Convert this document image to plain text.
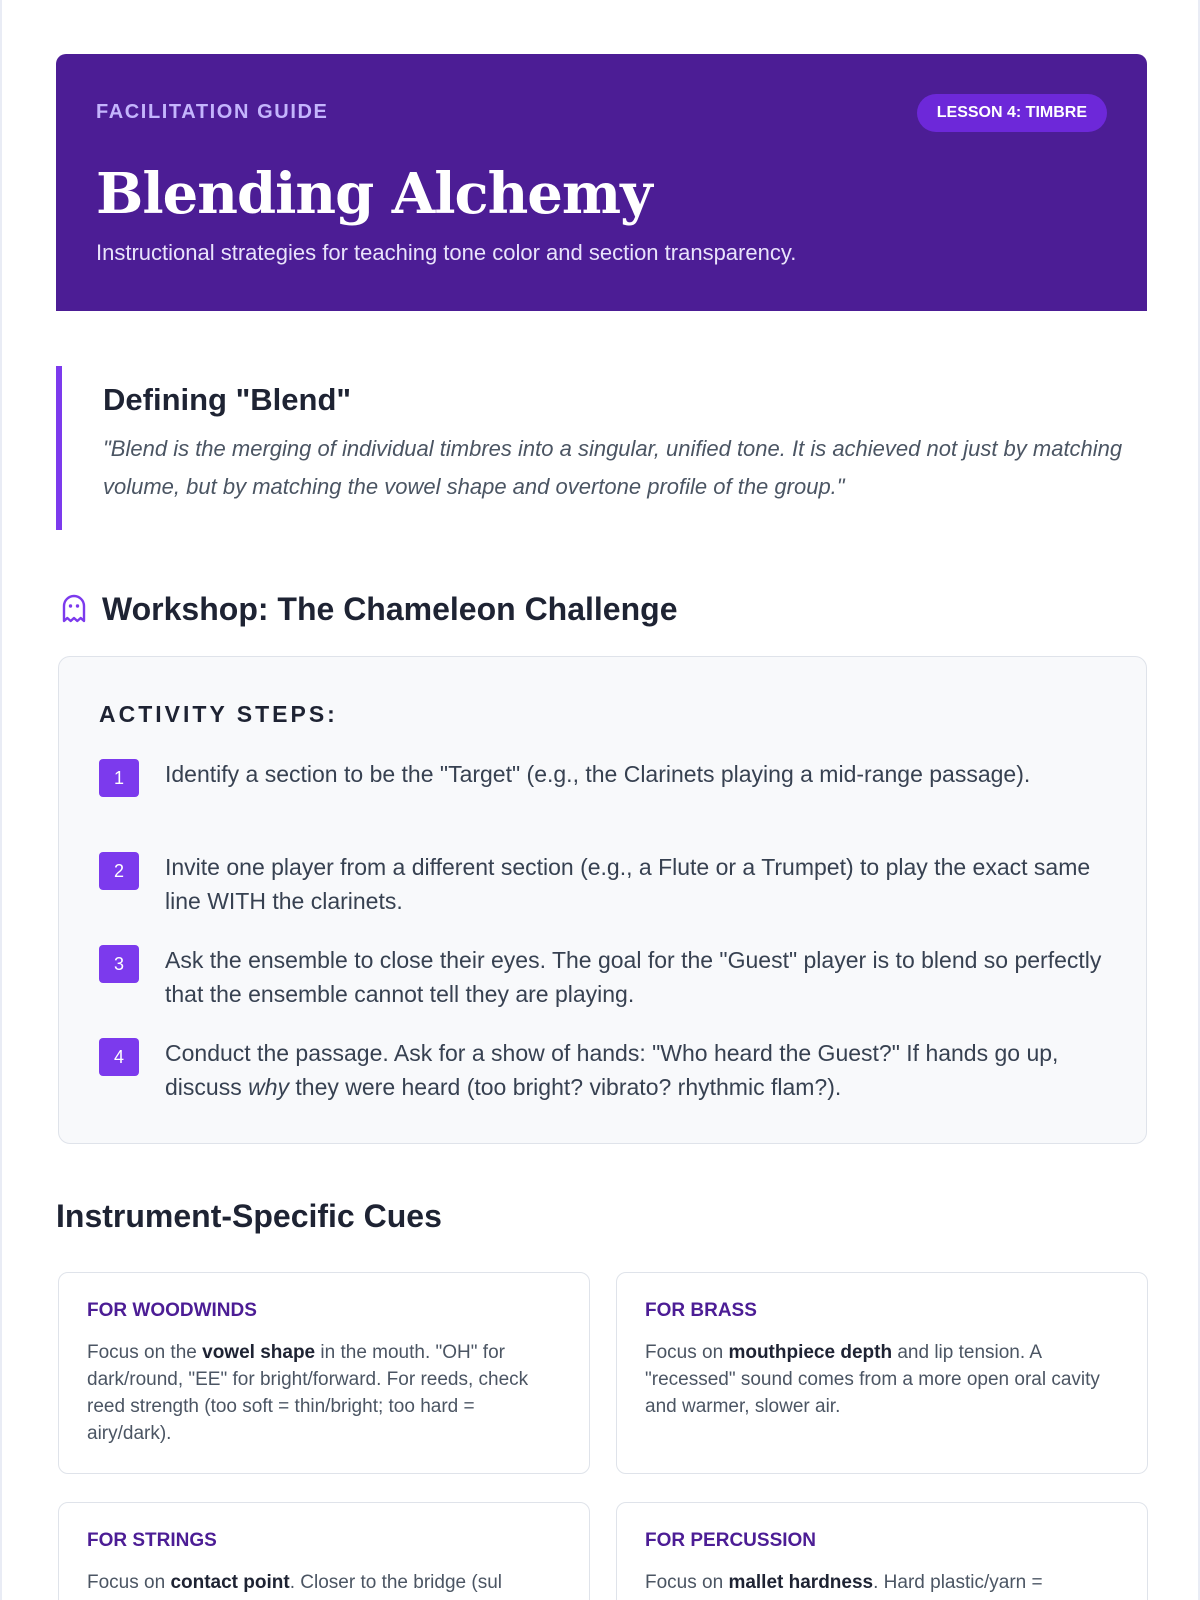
FACILITATION GUIDE	LESSON 4: TIMBRE
Blending Alchemy
Instructional strategies for teaching tone color and section transparency.
Defining "Blend"

"Blend is the merging of individual timbres into a singular, unified tone. It is achieved not just by matching volume, but by matching the vowel shape and overtone profile of the group."

Workshop: The Chameleon Challenge
ACTIVITY STEPS:
1	Identify a section to be the "Target" (e.g., the Clarinets playing a mid-range passage).
2	Invite one player from a different section (e.g., a Flute or a Trumpet) to play the exact same line WITH the clarinets.
3	Ask the ensemble to close their eyes. The goal for the "Guest" player is to blend so perfectly that the ensemble cannot tell they are playing.
4	Conduct the passage. Ask for a show of hands: "Who heard the Guest?" If hands go up, discuss why they were heard (too bright? vibrato? rhythmic flam?).
Instrument-Specific Cues
FOR WOODWINDS

Focus on the vowel shape in the mouth. "OH" for dark/round, "EE" for bright/forward. For reeds, check reed strength (too soft = thin/bright; too hard = airy/dark).

FOR BRASS

Focus on mouthpiece depth and lip tension. A "recessed" sound comes from a more open oral cavity and warmer, slower air.

FOR STRINGS

Focus on contact point. Closer to the bridge (sul

FOR PERCUSSION

Focus on mallet hardness. Hard plastic/yarn =
